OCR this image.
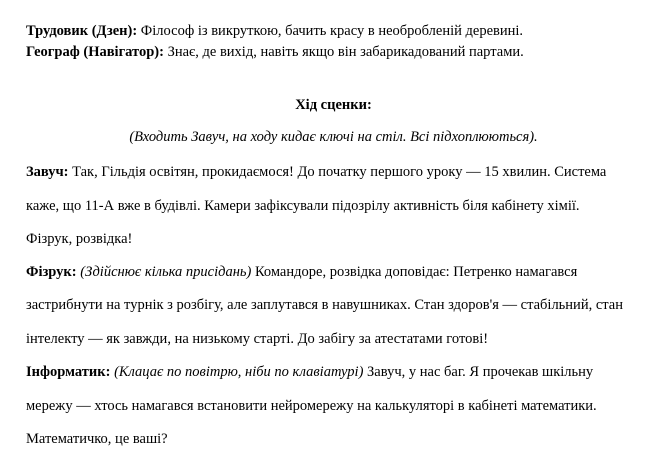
Трудовик (Дзен): Філософ із викруткою, бачить красу в необробленій деревині.
Географ (Навігатор): Знає, де вихід, навіть якщо він забарикадований партами.
Хід сценки:
(Входить Завуч, на ходу кидає ключі на стіл. Всі підхоплюються).
Завуч: Так, Гільдія освітян, прокидаємося! До початку першого уроку — 15 хвилин. Система
каже, що 11-А вже в будівлі. Камери зафіксували підозрілу активність біля кабінету хімії.
Фізрук, розвідка!
Фізрук: (Здійснює кілька присідань) Командоре, розвідка доповідає: Петренко намагався
застрибнути на турнік з розбігу, але заплутався в навушниках. Стан здоров'я — стабільний, стан
інтелекту — як завжди, на низькому старті. До забігу за атестатами готові!
Інформатик: (Клацає по повітрю, ніби по клавіатурі) Завуч, у нас баг. Я прочекав шкільну
мережу — хтось намагався встановити нейромережу на калькуляторі в кабінеті математики.
Математичко, це ваші?
